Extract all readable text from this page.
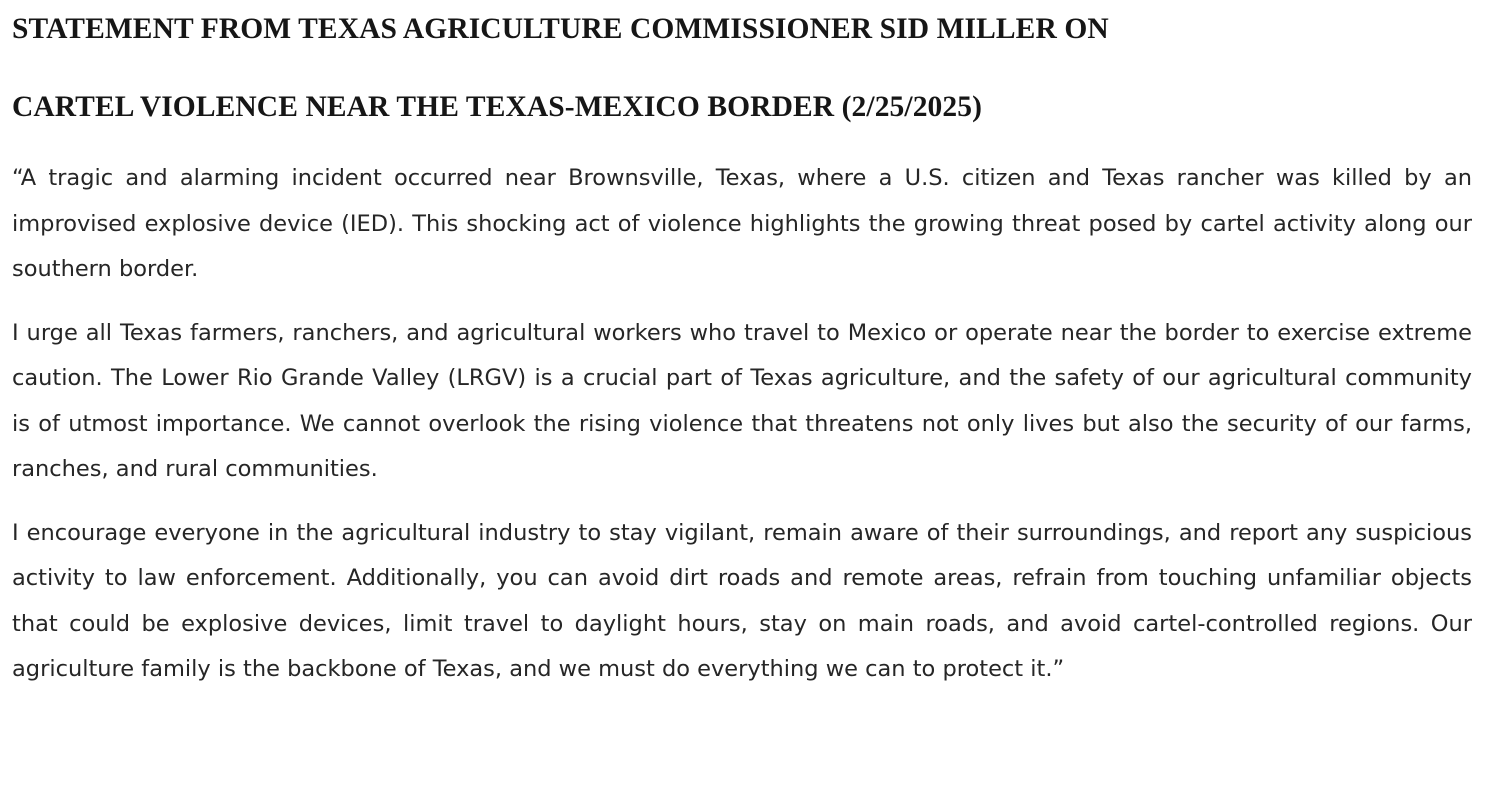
STATEMENT FROM TEXAS AGRICULTURE COMMISSIONER SID MILLER ON
CARTEL VIOLENCE NEAR THE TEXAS-MEXICO BORDER (2/25/2025)

“A tragic and alarming incident occurred near Brownsville, Texas, where a U.S. citizen and Texas rancher was killed by an improvised explosive device (IED). This shocking act of violence highlights the growing threat posed by cartel activity along our southern border.

I urge all Texas farmers, ranchers, and agricultural workers who travel to Mexico or operate near the border to exercise extreme caution. The Lower Rio Grande Valley (LRGV) is a crucial part of Texas agriculture, and the safety of our agricultural community is of utmost importance. We cannot overlook the rising violence that threatens not only lives but also the security of our farms, ranches, and rural communities.

I encourage everyone in the agricultural industry to stay vigilant, remain aware of their surroundings, and report any suspicious activity to law enforcement. Additionally, you can avoid dirt roads and remote areas, refrain from touching unfamiliar objects that could be explosive devices, limit travel to daylight hours, stay on main roads, and avoid cartel-controlled regions. Our agriculture family is the backbone of Texas, and we must do everything we can to protect it.”
